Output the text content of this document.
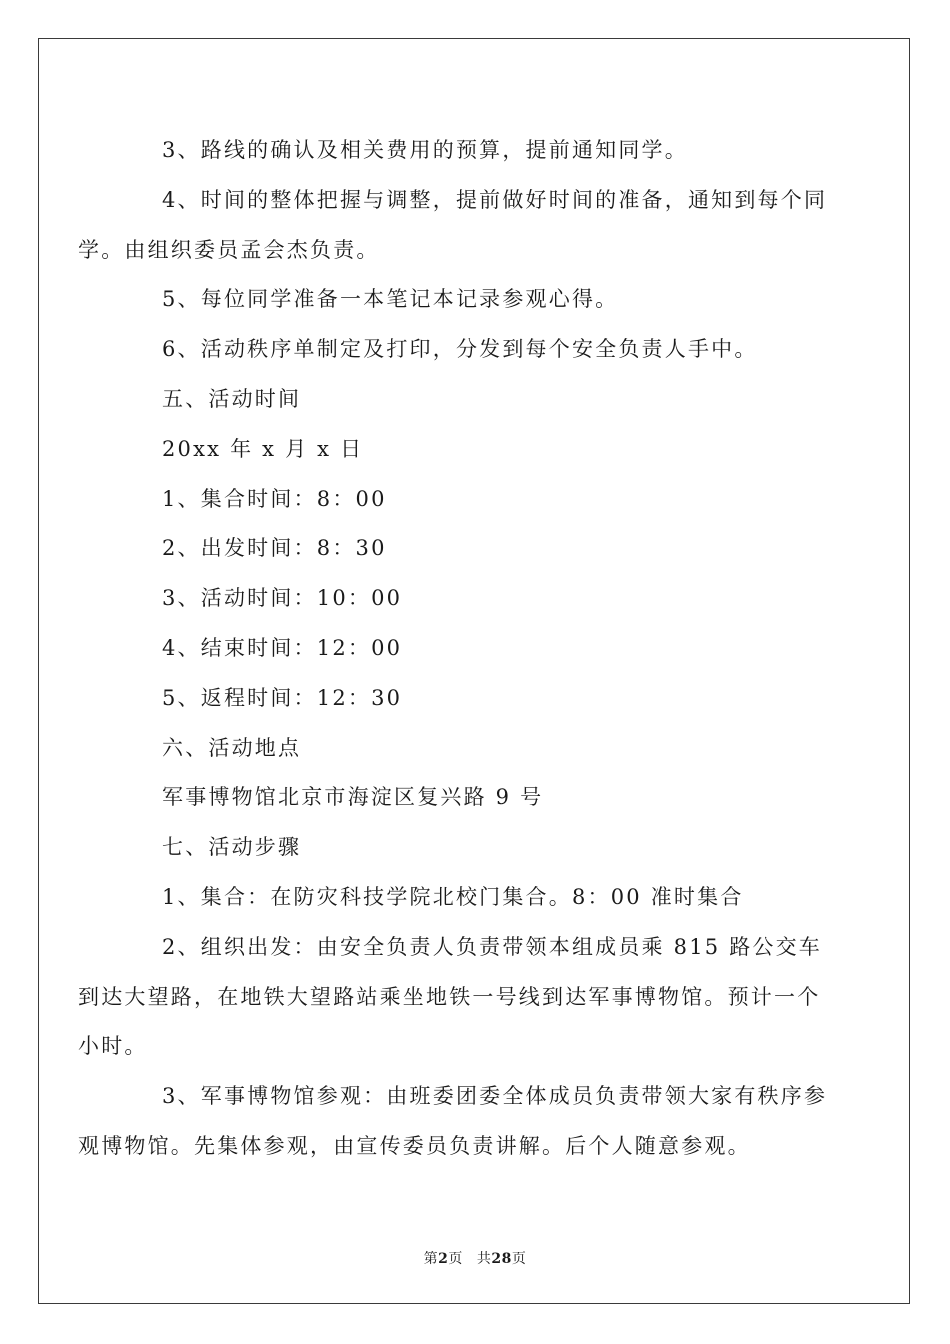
3、路线的确认及相关费用的预算，提前通知同学。

4、时间的整体把握与调整，提前做好时间的准备，通知到每个同学。由组织委员孟会杰负责。

5、每位同学准备一本笔记本记录参观心得。

6、活动秩序单制定及打印，分发到每个安全负责人手中。

五、活动时间

20xx 年 x 月 x 日

1、集合时间：8：00

2、出发时间：8：30

3、活动时间：10：00

4、结束时间：12：00

5、返程时间：12：30

六、活动地点

军事博物馆北京市海淀区复兴路 9 号

七、活动步骤

1、集合：在防灾科技学院北校门集合。8：00 准时集合

2、组织出发：由安全负责人负责带领本组成员乘 815 路公交车到达大望路，在地铁大望路站乘坐地铁一号线到达军事博物馆。预计一个小时。

3、军事博物馆参观：由班委团委全体成员负责带领大家有秩序参观博物馆。先集体参观，由宣传委员负责讲解。后个人随意参观。

第2页 共28页
